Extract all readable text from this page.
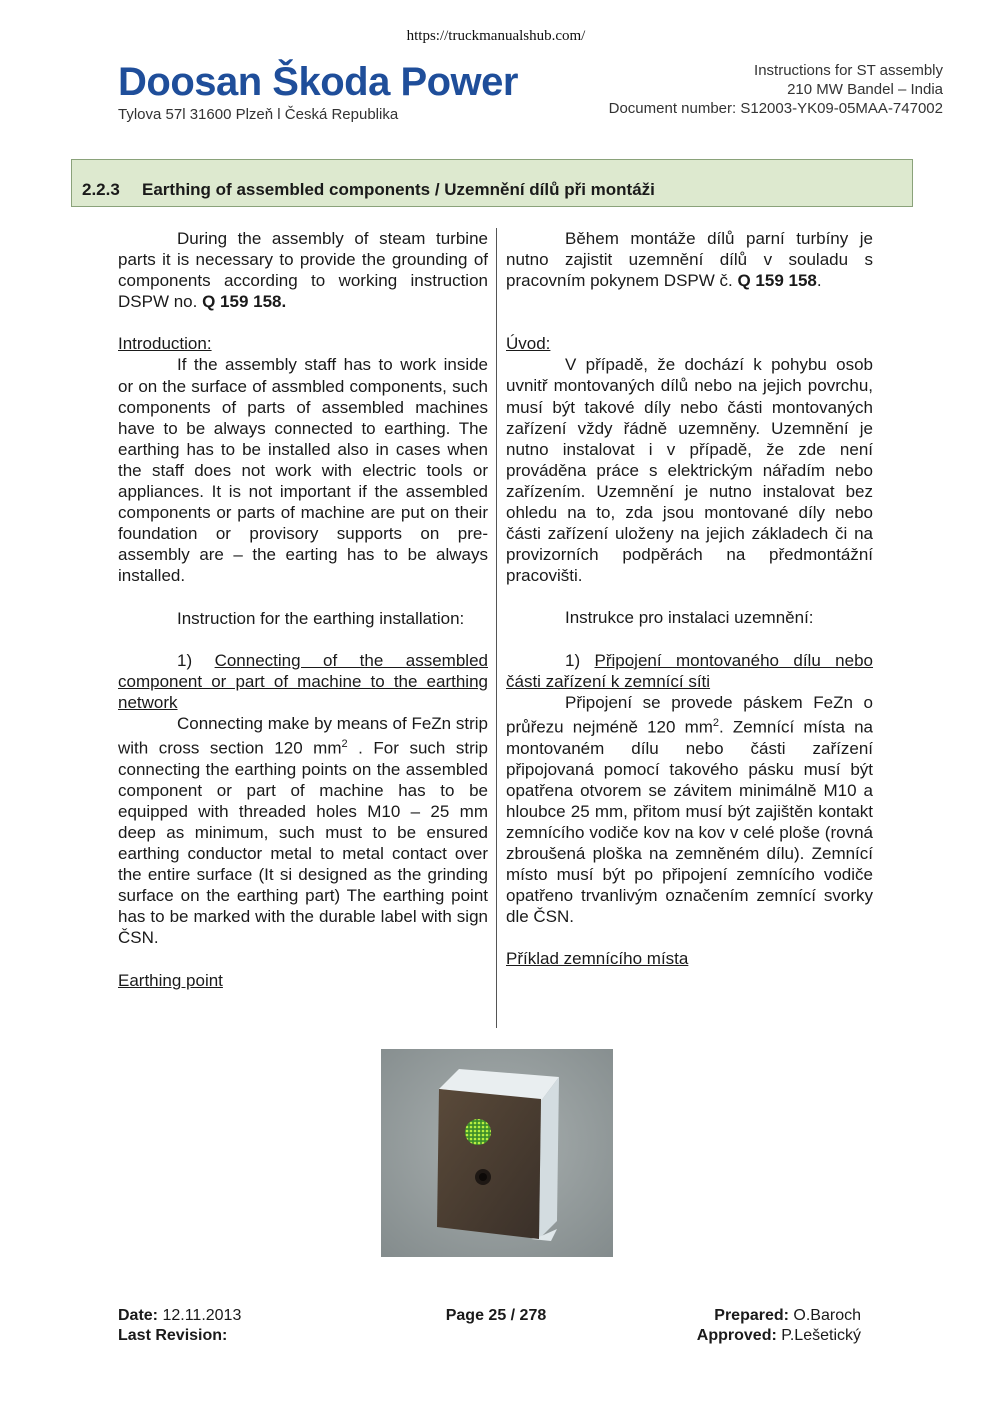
https://truckmanualshub.com/
Doosan Škoda Power
Tylova 57l 31600 Plzeň l Česká Republika
Instructions for ST assembly
210 MW Bandel – India
Document number: S12003-YK09-05MAA-747002
2.2.3 Earthing of assembled components / Uzemnění dílů při montáži

During the assembly of steam turbine parts it is necessary to provide the grounding of components according to working instruction DSPW no. Q 159 158.

Introduction:

If the assembly staff has to work inside or on the surface of assmbled components, such components of parts of assembled machines have to be always connected to earthing. The earthing has to be installed also in cases when the staff does not work with electric tools or appliances. It is not important if the assembled components or parts of machine are put on their foundation or provisory supports on pre-assembly are – the earting has to be always installed.

Instruction for the earthing installation:

1) Connecting of the assembled component or part of machine to the earthing network

Connecting make by means of FeZn strip with cross section 120 $mm^2$ . For such strip connecting the earthing points on the assembled component or part of machine has to be equipped with threaded holes M10 – 25 mm deep as minimum, such must to be ensured earthing conductor metal to metal contact over the entire surface (It si designed as the grinding surface on the earthing part) The earthing point has to be marked with the durable label with sign ČSN.

Earthing point

Během montáže dílů parní turbíny je nutno zajistit uzemnění dílů v souladu s pracovním pokynem DSPW č. Q 159 158.

Úvod:

V případě, že dochází k pohybu osob uvnitř montovaných dílů nebo na jejich povrchu, musí být takové díly nebo části montovaných zařízení vždy řádně uzemněny. Uzemnění je nutno instalovat i v případě, že zde není prováděna práce s elektrickým nářadím nebo zařízením. Uzemnění je nutno instalovat bez ohledu na to, zda jsou montované díly nebo části zařízení uloženy na jejich základech či na provizorních podpěrách na předmontážní pracovišti.

Instrukce pro instalaci uzemnění:

1) Připojení montovaného dílu nebo části zařízení k zemnící síti

Připojení se provede páskem FeZn o průřezu nejméně 120 $mm^2$. Zemnící místa na montovaném dílu nebo části zařízení připojovaná pomocí takového pásku musí být opatřena otvorem se závitem minimálně M10 a hloubce 25 mm, přitom musí být zajištěn kontakt zemnícího vodiče kov na kov v celé ploše (rovná zbroušená ploška na zemněném dílu). Zemnící místo musí být po připojení zemnícího vodiče opatřeno trvanlivým označením zemnící svorky dle ČSN.

Příklad zemnícího místa

Date: 12.11.2013
Last Revision:
Page 25 / 278	Prepared: O.Baroch
Approved: P.Lešetický
